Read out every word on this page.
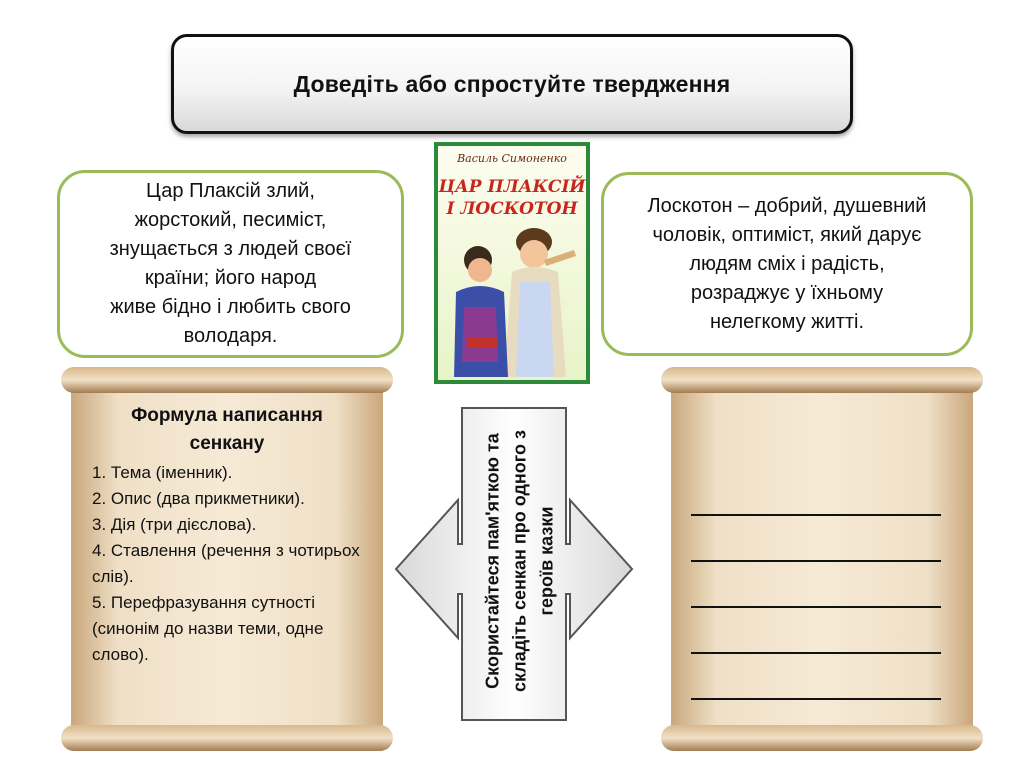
Доведіть або спростуйте твердження
Цар Плаксій злий,
жорстокий, песиміст,
знущається з людей своєї
країни; його народ
живе бідно і любить свого
володаря.
Лоскотон – добрий, душевний
чоловік, оптиміст, який дарує
людям сміх і радість,
розраджує у їхньому
нелегкому житті.
Василь Симоненко
ЦАР ПЛАКСІЙ
І ЛОСКОТОН
Формула написання сенкану
1. Тема (іменник).
2. Опис (два прикметники).
3. Дія (три дієслова).
4. Ставлення (речення з чотирьох слів).
5. Перефразування сутності (синонім до назви теми, одне слово).	Скористайтеся пам'яткою та складіть сенкан про одного з героїв казки
